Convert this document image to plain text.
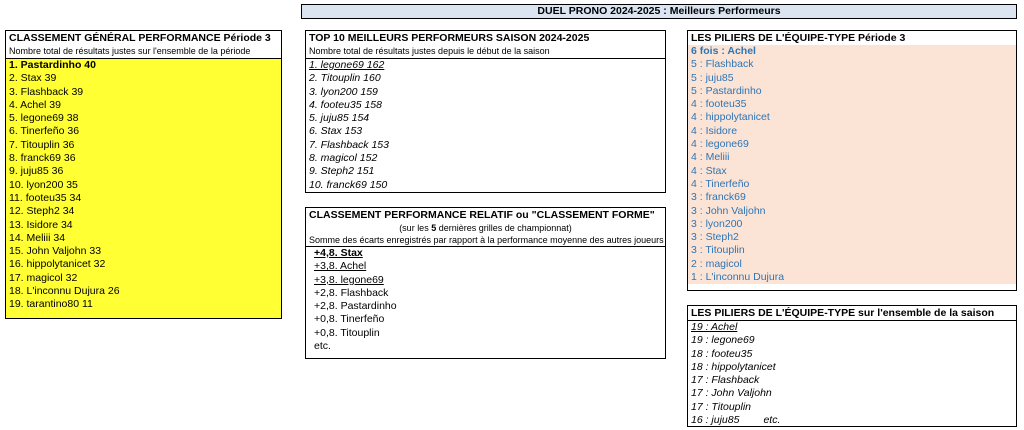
DUEL PRONO 2024-2025 : Meilleurs Performeurs
CLASSEMENT GÉNÉRAL PERFORMANCE Période 3
Nombre total de résultats justes sur l'ensemble de la période
1. Pastardinho 40
2. Stax 39
3. Flashback 39
4. Achel 39
5. legone69 38
6. Tinerfeño 36
7. Titouplin 36
8. franck69 36
9. juju85 36
10. lyon200 35
11. footeu35 34
12. Steph2 34
13. Isidore 34
14. Meliii 34
15. John Valjohn 33
16. hippolytanicet 32
17. magicol 32
18. L'inconnu Dujura 26
19. tarantino80 11
TOP 10 MEILLEURS PERFORMEURS SAISON 2024-2025
Nombre total de résultats justes depuis le début de la saison
1. legone69 162
2. Titouplin 160
3. lyon200 159
4. footeu35 158
5. juju85 154
6. Stax 153
7. Flashback 153
8. magicol 152
9. Steph2 151
10. franck69 150
CLASSEMENT PERFORMANCE RELATIF ou "CLASSEMENT FORME"
(sur les 5 dernières grilles de championnat)
Somme des écarts enregistrés par rapport à la performance moyenne des autres joueurs
+4,8. Stax
+3,8. Achel
+3,8. legone69
+2,8. Flashback
+2,8. Pastardinho
+0,8. Tinerfeño
+0,8. Titouplin
etc.
LES PILIERS DE L'ÉQUIPE-TYPE Période 3
6 fois : Achel
5 : Flashback
5 : juju85
5 : Pastardinho
4 : footeu35
4 : hippolytanicet
4 : Isidore
4 : legone69
4 : Meliii
4 : Stax
4 : Tinerfeño
3 : franck69
3 : John Valjohn
3 : lyon200
3 : Steph2
3 : Titouplin
2 : magicol
1 : L'inconnu Dujura
LES PILIERS DE L'ÉQUIPE-TYPE sur l'ensemble de la saison
19 : Achel
19 : legone69
18 : footeu35
18 : hippolytanicet
17 : Flashback
17 : John Valjohn
17 : Titouplin
16 : juju85 etc.
